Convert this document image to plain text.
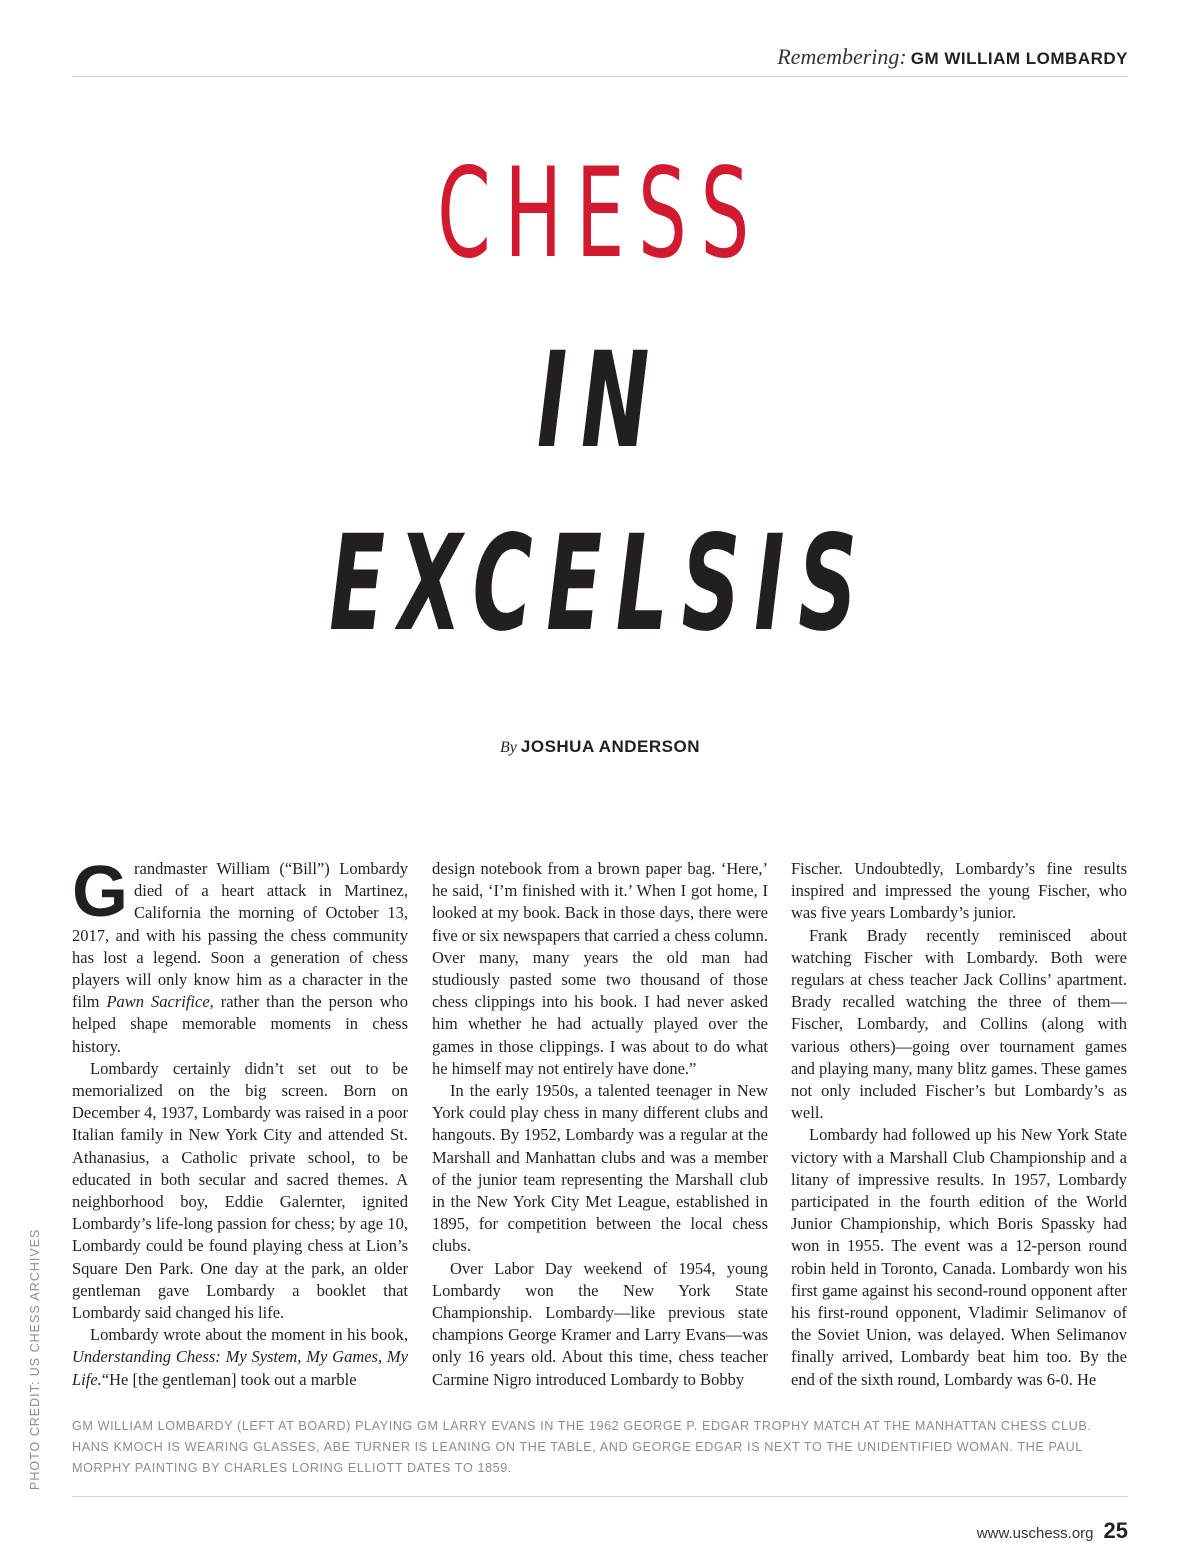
Remembering: GM WILLIAM LOMBARDY
CHESS
IN
EXCELSIS
By JOSHUA ANDERSON

Grandmaster William (“Bill”) Lombardy died of a heart attack in Martinez, California the morning of October 13, 2017, and with his passing the chess community has lost a legend. Soon a generation of chess players will only know him as a character in the film Pawn Sacrifice, rather than the person who helped shape memorable moments in chess history.

Lombardy certainly didn’t set out to be memorialized on the big screen. Born on December 4, 1937, Lombardy was raised in a poor Italian family in New York City and attended St. Athanasius, a Catholic private school, to be educated in both secular and sacred themes. A neighborhood boy, Eddie Galernter, ignited Lombardy’s life-long passion for chess; by age 10, Lombardy could be found playing chess at Lion’s Square Den Park. One day at the park, an older gentleman gave Lombardy a booklet that Lombardy said changed his life.

Lombardy wrote about the moment in his book, Understanding Chess: My System, My Games, My Life.“He [the gentleman] took out a marble

design notebook from a brown paper bag. ‘Here,’ he said, ‘I’m finished with it.’ When I got home, I looked at my book. Back in those days, there were five or six newspapers that carried a chess column. Over many, many years the old man had studiously pasted some two thousand of those chess clippings into his book. I had never asked him whether he had actually played over the games in those clippings. I was about to do what he himself may not entirely have done.”

In the early 1950s, a talented teenager in New York could play chess in many different clubs and hangouts. By 1952, Lombardy was a regular at the Marshall and Manhattan clubs and was a member of the junior team representing the Marshall club in the New York City Met League, established in 1895, for competition between the local chess clubs.

Over Labor Day weekend of 1954, young Lombardy won the New York State Championship. Lombardy—like previous state champions George Kramer and Larry Evans—was only 16 years old. About this time, chess teacher Carmine Nigro introduced Lombardy to Bobby

Fischer. Undoubtedly, Lombardy’s fine results inspired and impressed the young Fischer, who was five years Lombardy’s junior.

Frank Brady recently reminisced about watching Fischer with Lombardy. Both were regulars at chess teacher Jack Collins’ apartment. Brady recalled watching the three of them—Fischer, Lombardy, and Collins (along with various others)—going over tournament games and playing many, many blitz games. These games not only included Fischer’s but Lombardy’s as well.

Lombardy had followed up his New York State victory with a Marshall Club Championship and a litany of impressive results. In 1957, Lombardy participated in the fourth edition of the World Junior Championship, which Boris Spassky had won in 1955. The event was a 12-person round robin held in Toronto, Canada. Lombardy won his first game against his second-round opponent after his first-round opponent, Vladimir Selimanov of the Soviet Union, was delayed. When Selimanov finally arrived, Lombardy beat him too. By the end of the sixth round, Lombardy was 6-0. He

PHOTO CREDIT: US CHESS ARCHIVES GM WILLIAM LOMBARDY (LEFT AT BOARD) PLAYING GM LARRY EVANS IN THE 1962 GEORGE P. EDGAR TROPHY MATCH AT THE MANHATTAN CHESS CLUB. HANS KMOCH IS WEARING GLASSES, ABE TURNER IS LEANING ON THE TABLE, AND GEORGE EDGAR IS NEXT TO THE UNIDENTIFIED WOMAN. THE PAUL MORPHY PAINTING BY CHARLES LORING ELLIOTT DATES TO 1859.
www.uschess.org 25
